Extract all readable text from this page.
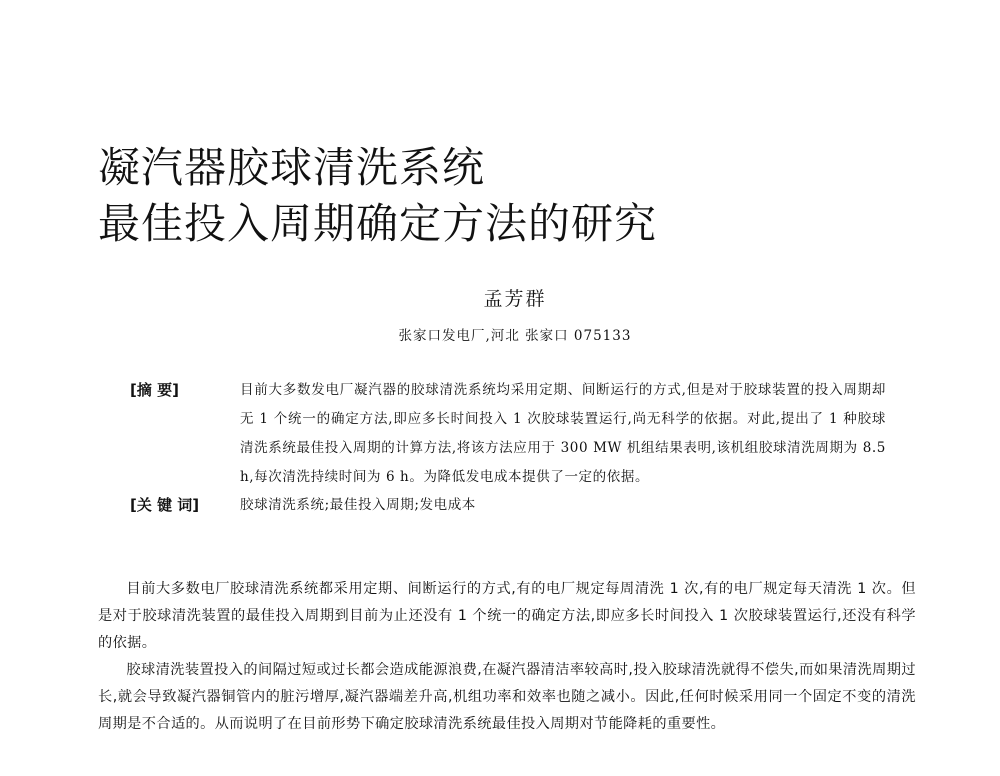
凝汽器胶球清洗系统
最佳投入周期确定方法的研究
孟芳群
张家口发电厂,河北 张家口 075133
[摘 要]	目前大多数发电厂凝汽器的胶球清洗系统均采用定期、间断运行的方式,但是对于胶球装置的投入周期却无 1 个统一的确定方法,即应多长时间投入 1 次胶球装置运行,尚无科学的依据。对此,提出了 1 种胶球清洗系统最佳投入周期的计算方法,将该方法应用于 300 MW 机组结果表明,该机组胶球清洗周期为 8.5 h,每次清洗持续时间为 6 h。为降低发电成本提供了一定的依据。
[关 键 词]	胶球清洗系统;最佳投入周期;发电成本

目前大多数电厂胶球清洗系统都采用定期、间断运行的方式,有的电厂规定每周清洗 1 次,有的电厂规定每天清洗 1 次。但是对于胶球清洗装置的最佳投入周期到目前为止还没有 1 个统一的确定方法,即应多长时间投入 1 次胶球装置运行,还没有科学的依据。

胶球清洗装置投入的间隔过短或过长都会造成能源浪费,在凝汽器清洁率较高时,投入胶球清洗就得不偿失,而如果清洗周期过长,就会导致凝汽器铜管内的脏污增厚,凝汽器端差升高,机组功率和效率也随之减小。因此,任何时候采用同一个固定不变的清洗周期是不合适的。从而说明了在目前形势下确定胶球清洗系统最佳投入周期对节能降耗的重要性。
